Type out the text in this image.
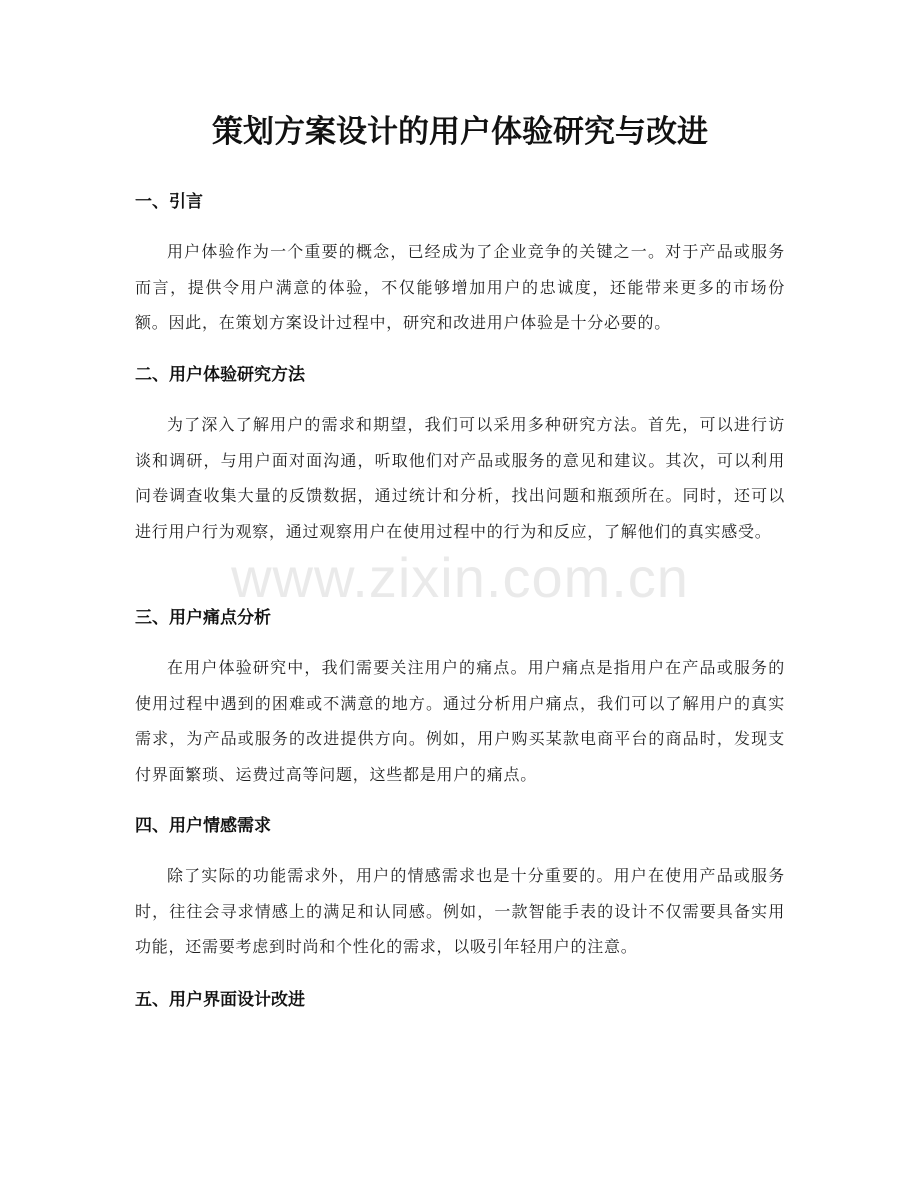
策划方案设计的用户体验研究与改进
一、引言

用户体验作为一个重要的概念，已经成为了企业竞争的关键之一。对于产品或服务而言，提供令用户满意的体验，不仅能够增加用户的忠诚度，还能带来更多的市场份额。因此，在策划方案设计过程中，研究和改进用户体验是十分必要的。

二、用户体验研究方法

为了深入了解用户的需求和期望，我们可以采用多种研究方法。首先，可以进行访谈和调研，与用户面对面沟通，听取他们对产品或服务的意见和建议。其次，可以利用问卷调查收集大量的反馈数据，通过统计和分析，找出问题和瓶颈所在。同时，还可以进行用户行为观察，通过观察用户在使用过程中的行为和反应，了解他们的真实感受。

三、用户痛点分析

在用户体验研究中，我们需要关注用户的痛点。用户痛点是指用户在产品或服务的使用过程中遇到的困难或不满意的地方。通过分析用户痛点，我们可以了解用户的真实需求，为产品或服务的改进提供方向。例如，用户购买某款电商平台的商品时，发现支付界面繁琐、运费过高等问题，这些都是用户的痛点。

四、用户情感需求

除了实际的功能需求外，用户的情感需求也是十分重要的。用户在使用产品或服务时，往往会寻求情感上的满足和认同感。例如，一款智能手表的设计不仅需要具备实用功能，还需要考虑到时尚和个性化的需求，以吸引年轻用户的注意。

五、用户界面设计改进
www.zixin.com.cn
